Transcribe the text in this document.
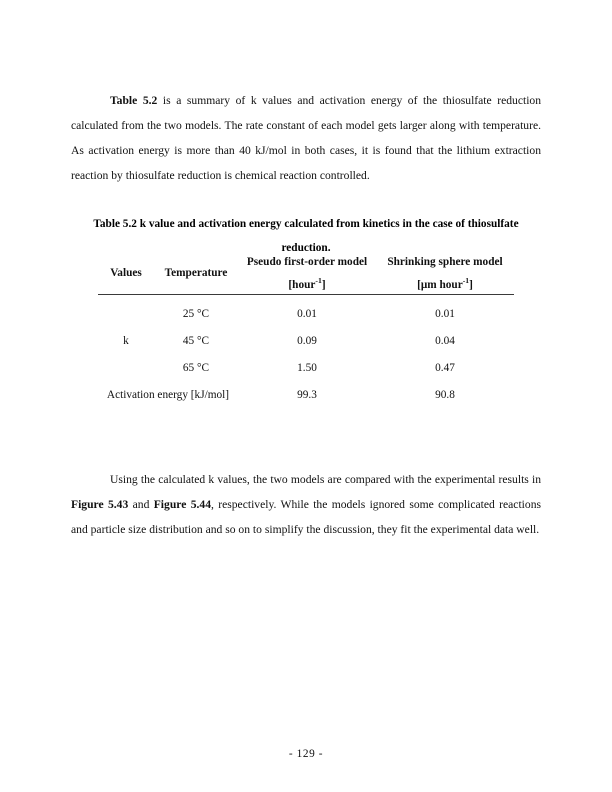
Table 5.2 is a summary of k values and activation energy of the thiosulfate reduction calculated from the two models. The rate constant of each model gets larger along with temperature. As activation energy is more than 40 kJ/mol in both cases, it is found that the lithium extraction reaction by thiosulfate reduction is chemical reaction controlled.

Table 5.2 k value and activation energy calculated from kinetics in the case of thiosulfate reduction.
Values	Temperature	Pseudo first-order model	Shrinking sphere model

		[hour$^{-1}$]	[μm hour$^{-1}$]

k	25 °C	0.01	0.01
	45 °C	0.09	0.04
	65 °C	1.50	0.47
Activation energy [kJ/mol]		99.3	90.8

Using the calculated k values, the two models are compared with the experimental results in Figure 5.43 and Figure 5.44, respectively. While the models ignored some complicated reactions and particle size distribution and so on to simplify the discussion, they fit the experimental data well.

- 129 -
